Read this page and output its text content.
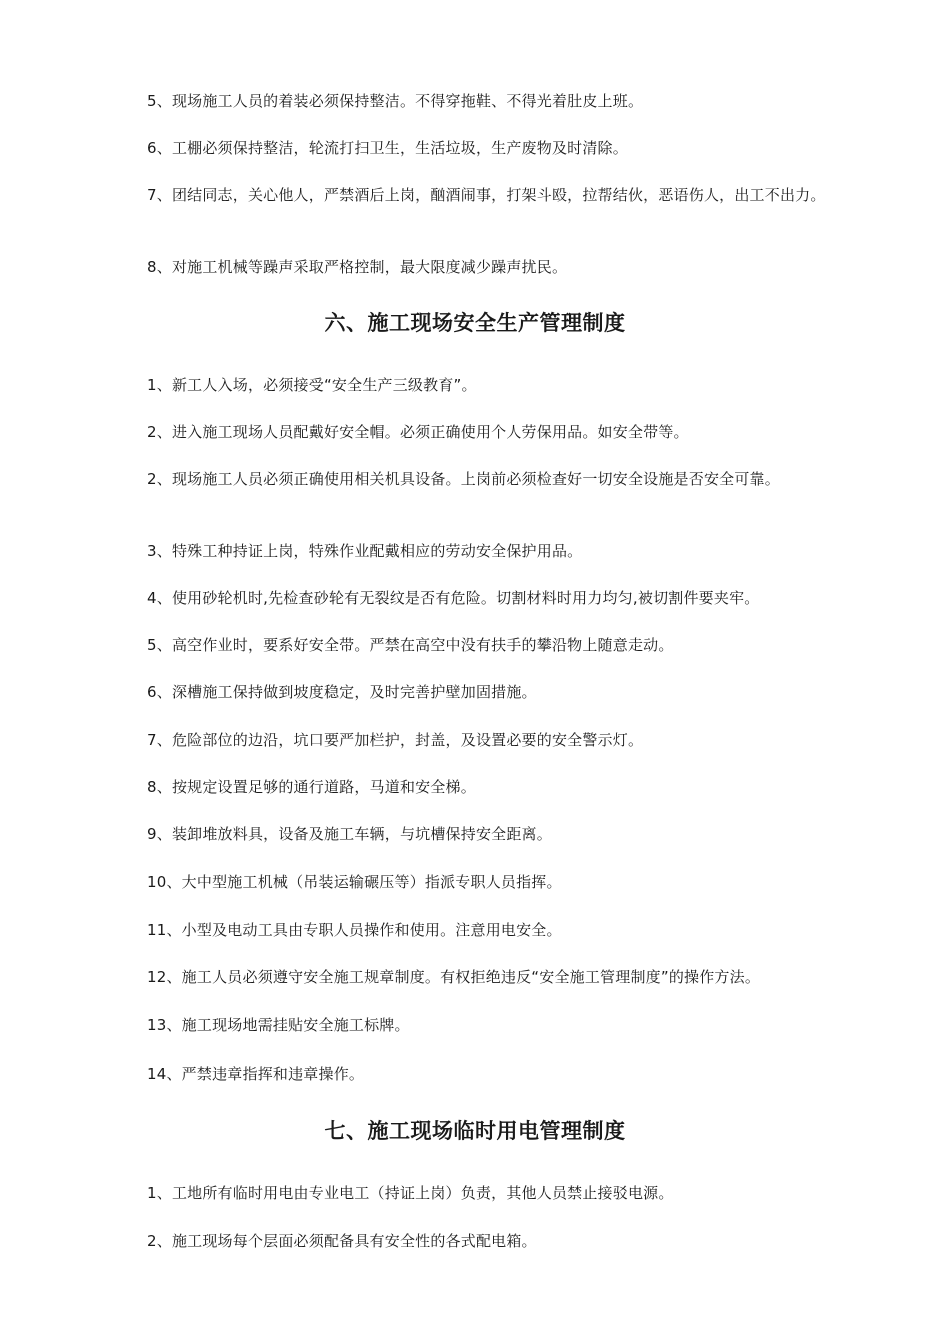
5、现场施工人员的着装必须保持整洁。不得穿拖鞋、不得光着肚皮上班。

6、工棚必须保持整洁，轮流打扫卫生，生活垃圾，生产废物及时清除。

7、团结同志，关心他人，严禁酒后上岗，酗酒闹事，打架斗殴，拉帮结伙，恶语伤人，出工不出力。

8、对施工机械等躁声采取严格控制，最大限度减少躁声扰民。

六、施工现场安全生产管理制度

1、新工人入场，必须接受“安全生产三级教育”。

2、进入施工现场人员配戴好安全帽。必须正确使用个人劳保用品。如安全带等。

2、现场施工人员必须正确使用相关机具设备。上岗前必须检查好一切安全设施是否安全可靠。

3、特殊工种持证上岗，特殊作业配戴相应的劳动安全保护用品。

4、使用砂轮机时,先检查砂轮有无裂纹是否有危险。切割材料时用力均匀,被切割件要夹牢。

5、高空作业时，要系好安全带。严禁在高空中没有扶手的攀沿物上随意走动。

6、深槽施工保持做到坡度稳定，及时完善护壁加固措施。

7、危险部位的边沿，坑口要严加栏护，封盖，及设置必要的安全警示灯。

8、按规定设置足够的通行道路，马道和安全梯。

9、装卸堆放料具，设备及施工车辆，与坑槽保持安全距离。

10、大中型施工机械（吊装运输碾压等）指派专职人员指挥。

11、小型及电动工具由专职人员操作和使用。注意用电安全。

12、施工人员必须遵守安全施工规章制度。有权拒绝违反“安全施工管理制度”的操作方法。

13、施工现场地需挂贴安全施工标牌。

14、严禁违章指挥和违章操作。

七、施工现场临时用电管理制度

1、工地所有临时用电由专业电工（持证上岗）负责，其他人员禁止接驳电源。

2、施工现场每个层面必须配备具有安全性的各式配电箱。
